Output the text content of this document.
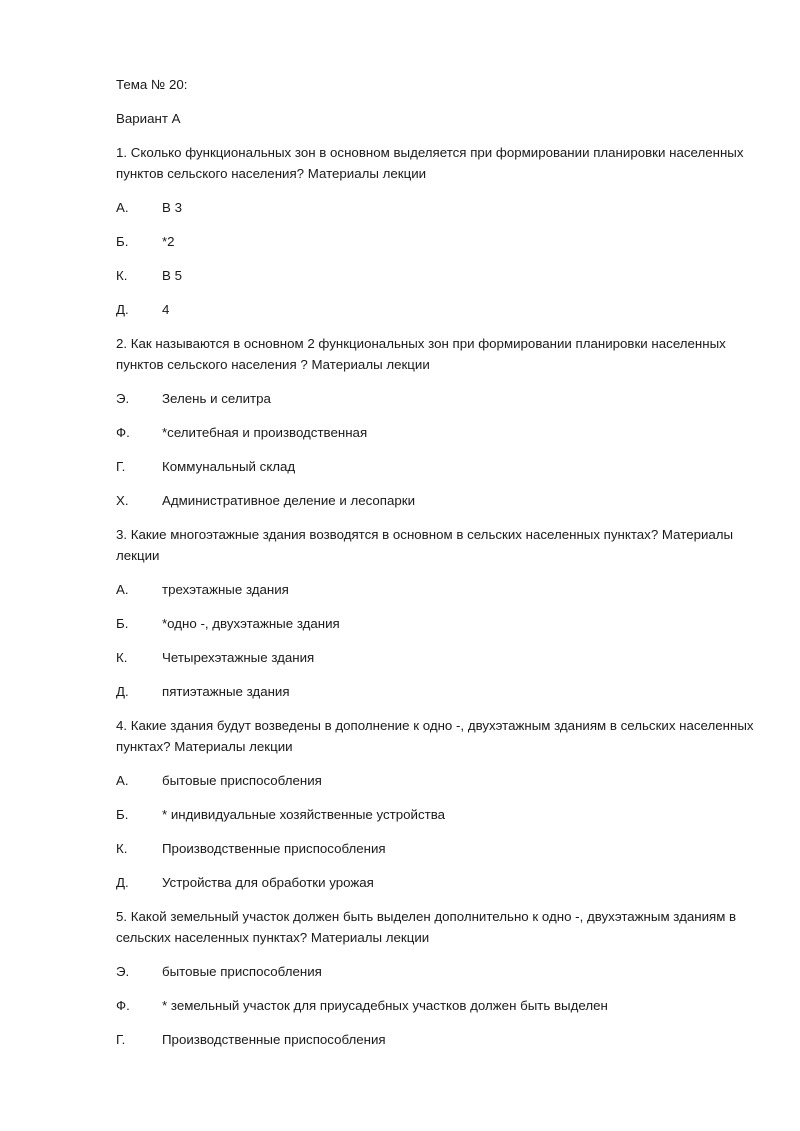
Тема № 20:

Вариант А

1. Сколько функциональных зон в основном выделяется при формировании планировки населенных пунктов сельского населения? Материалы лекции

А.	В 3
Б.	*2
К.	В 5
Д.	4

2. Как называются в основном 2 функциональных зон при формировании планировки населенных пунктов сельского населения ? Материалы лекции

Э.	Зелень и селитра
Ф.	*селитебная и производственная
Г.	Коммунальный склад
Х.	Административное деление и лесопарки

3. Какие многоэтажные здания возводятся в основном в сельских населенных пунктах? Материалы лекции

А.	трехэтажные здания
Б.	*одно -, двухэтажные здания
К.	Четырехэтажные здания
Д.	пятиэтажные здания

4. Какие здания будут возведены в дополнение к одно -, двухэтажным зданиям в сельских населенных пунктах? Материалы лекции

А.	бытовые приспособления
Б.	* индивидуальные хозяйственные устройства
К.	Производственные приспособления
Д.	Устройства для обработки урожая

5. Какой земельный участок должен быть выделен дополнительно к одно -, двухэтажным зданиям в сельских населенных пунктах? Материалы лекции

Э.	бытовые приспособления
Ф.	* земельный участок для приусадебных участков должен быть выделен
Г.	Производственные приспособления
